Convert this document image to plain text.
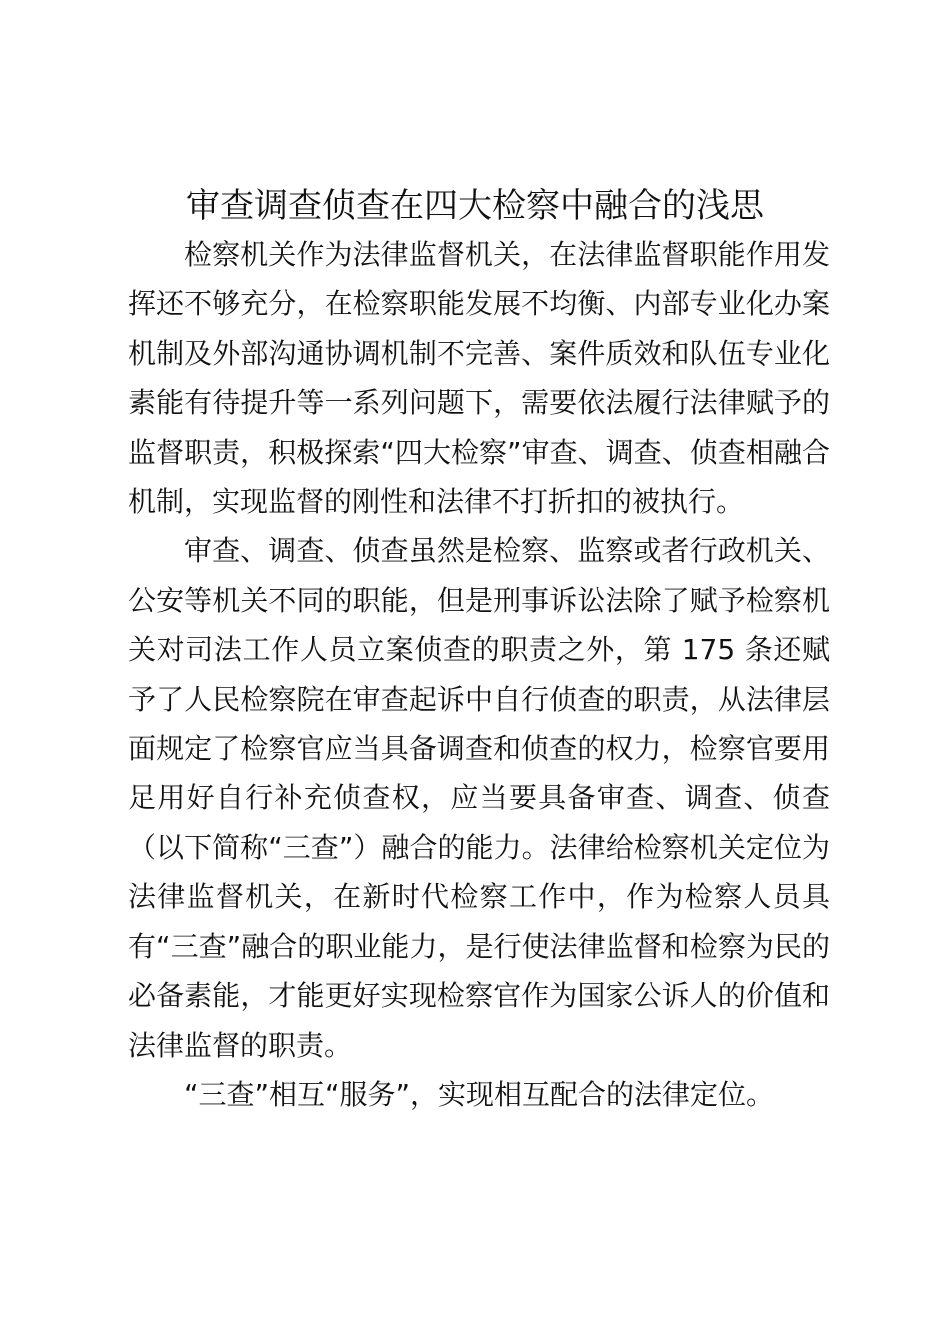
审查调查侦查在四大检察中融合的浅思

检察机关作为法律监督机关，在法律监督职能作用发挥还不够充分，在检察职能发展不均衡、内部专业化办案机制及外部沟通协调机制不完善、案件质效和队伍专业化素能有待提升等一系列问题下，需要依法履行法律赋予的监督职责，积极探索“四大检察”审查、调查、侦查相融合机制，实现监督的刚性和法律不打折扣的被执行。

审查、调查、侦查虽然是检察、监察或者行政机关、公安等机关不同的职能，但是刑事诉讼法除了赋予检察机关对司法工作人员立案侦查的职责之外，第 175 条还赋予了人民检察院在审查起诉中自行侦查的职责，从法律层面规定了检察官应当具备调查和侦查的权力，检察官要用足用好自行补充侦查权，应当要具备审查、调查、侦查（以下简称“三查”）融合的能力。法律给检察机关定位为法律监督机关，在新时代检察工作中，作为检察人员具有“三查”融合的职业能力，是行使法律监督和检察为民的必备素能，才能更好实现检察官作为国家公诉人的价值和法律监督的职责。

“三查”相互“服务”，实现相互配合的法律定位。
